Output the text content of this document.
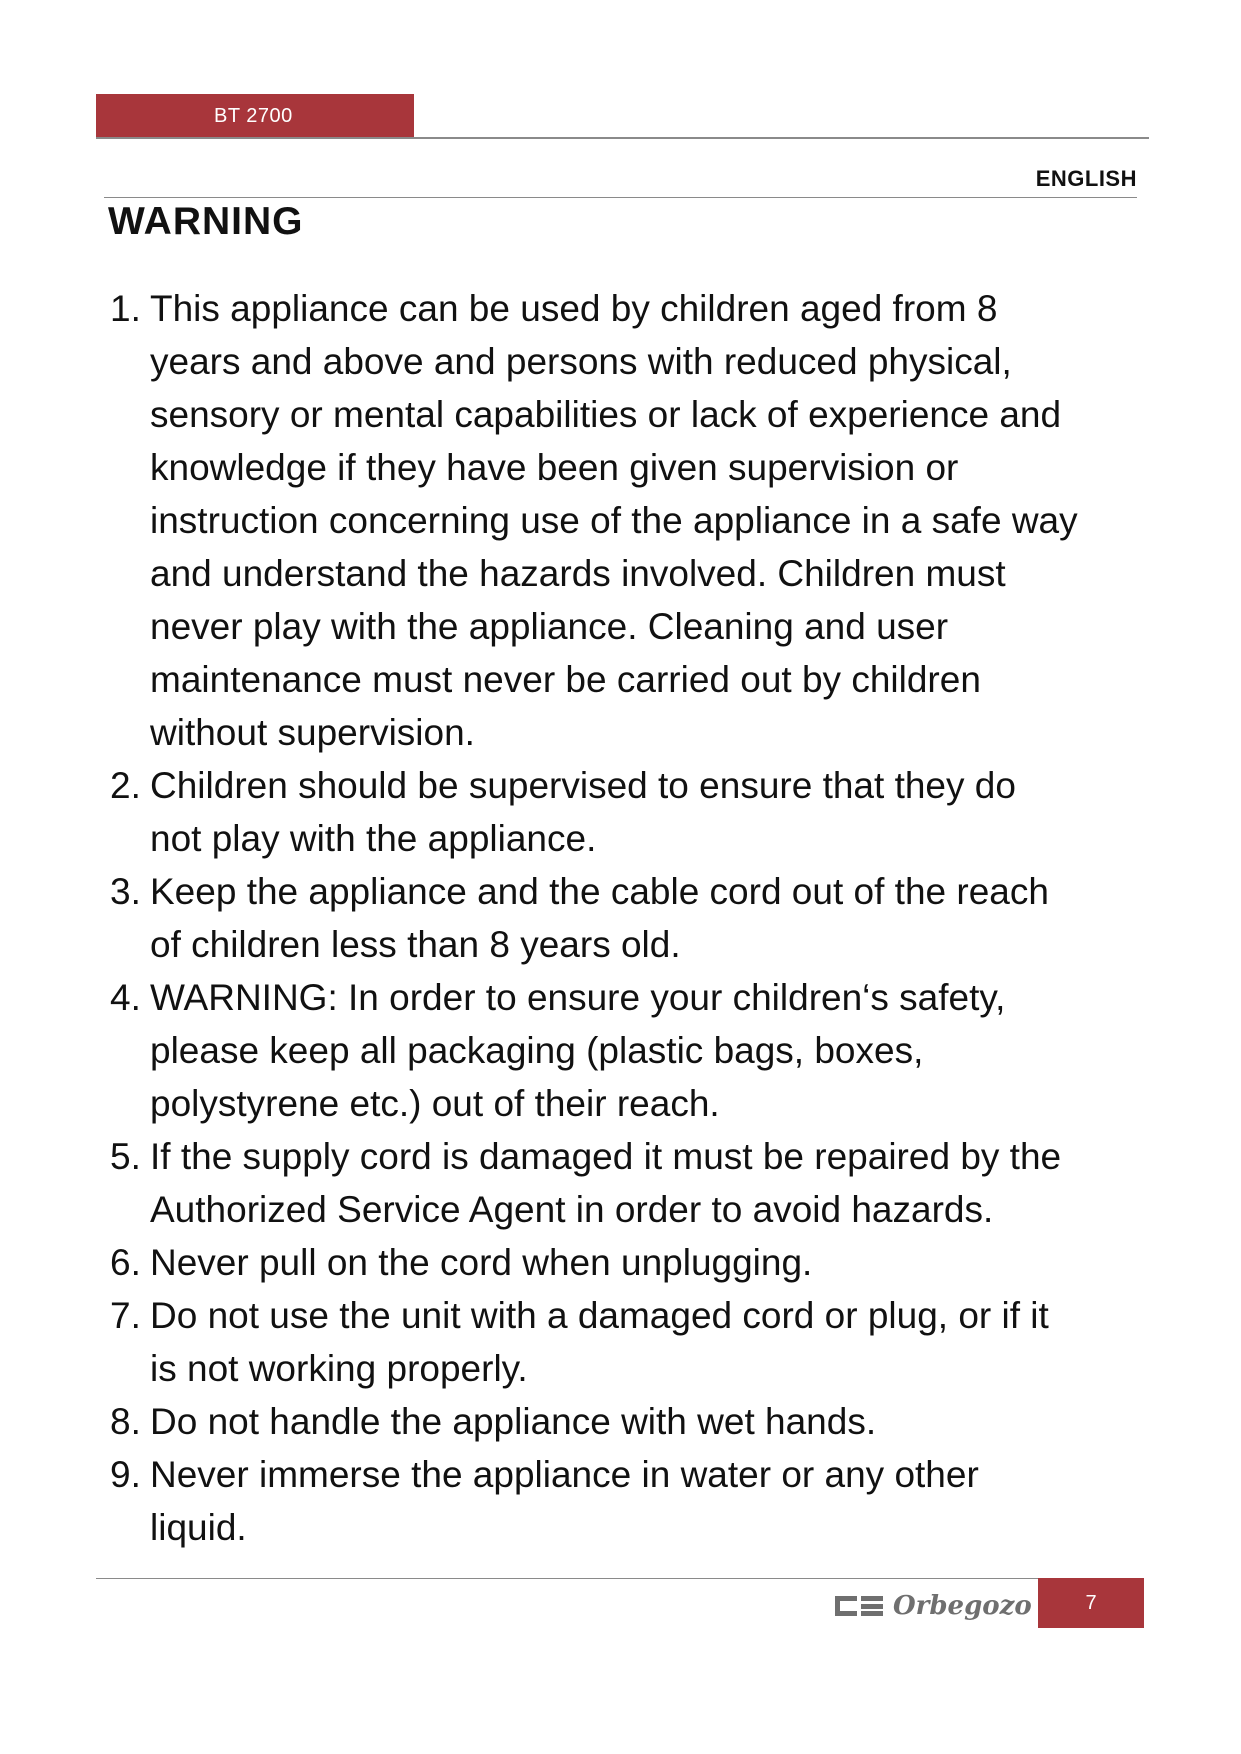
BT 2700
ENGLISH
WARNING
1. This appliance can be used by children aged from 8
years and above and persons with reduced physical,
sensory or mental capabilities or lack of experience and
knowledge if they have been given supervision or
instruction concerning use of the appliance in a safe way
and understand the hazards involved. Children must
never play with the appliance. Cleaning and user
maintenance must never be carried out by children
without supervision.
2. Children should be supervised to ensure that they do
not play with the appliance.
3. Keep the appliance and the cable cord out of the reach
of children less than 8 years old.
4. WARNING: In order to ensure your children‘s safety,
please keep all packaging (plastic bags, boxes,
polystyrene etc.) out of their reach.
5. If the supply cord is damaged it must be repaired by the
Authorized Service Agent in order to avoid hazards.
6. Never pull on the cord when unplugging.
7. Do not use the unit with a damaged cord or plug, or if it
is not working properly.
8. Do not handle the appliance with wet hands.
9. Never immerse the appliance in water or any other
liquid.
Orbegozo	7
